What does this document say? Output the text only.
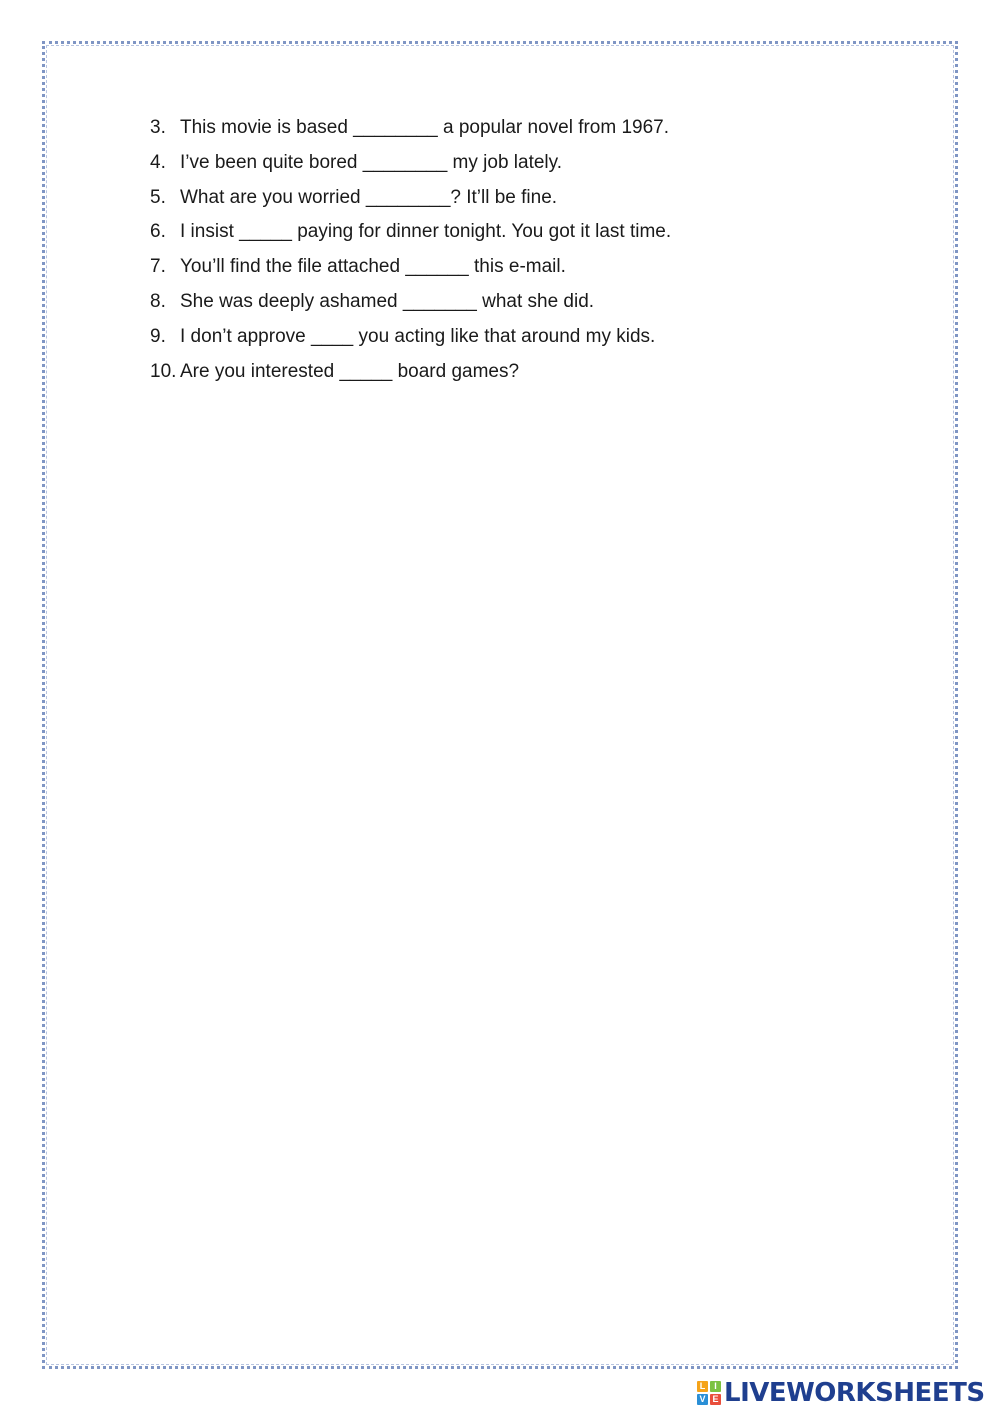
3. This movie is based ________ a popular novel from 1967.
4. I’ve been quite bored ________ my job lately.
5. What are you worried ________? It’ll be fine.
6. I insist _____ paying for dinner tonight. You got it last time.
7. You’ll find the file attached ______ this e-mail.
8. She was deeply ashamed _______ what she did.
9. I don’t approve ____ you acting like that around my kids.
10. Are you interested _____ board games?
L I
V E LIVEWORKSHEETS
